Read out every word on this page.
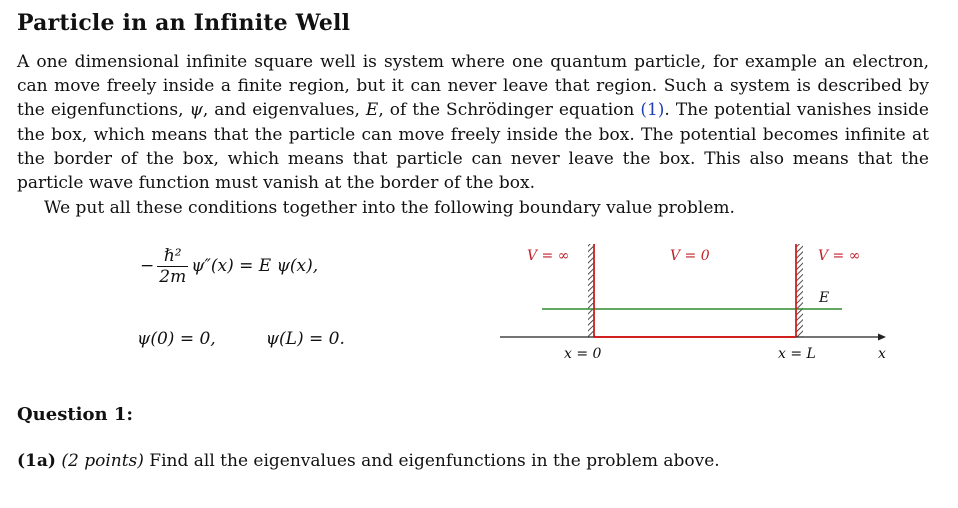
Particle in an Infinite Well

A one dimensional infinite square well is system where one quantum particle, for example an electron, can move freely inside a finite region, but it can never leave that region. Such a system is described by the eigenfunctions, ψ, and eigenvalues, E, of the Schrödinger equation (1). The potential vanishes inside the box, which means that the particle can move freely inside the box. The potential becomes infinite at the border of the box, which means that particle can never leave the box. This also means that the particle wave function must vanish at the border of the box.

We put all these conditions together into the following boundary value problem.

− $\frac{\text{ℏ²}}{2m} \psi''(x) = E$ ψ(x),
ψ(0) = 0,	ψ(L) = 0.
V = ∞	V = 0	V = ∞
E
x = 0	x = L	x
Question 1:

(1a) (2 points) Find all the eigenvalues and eigenfunctions in the problem above.
